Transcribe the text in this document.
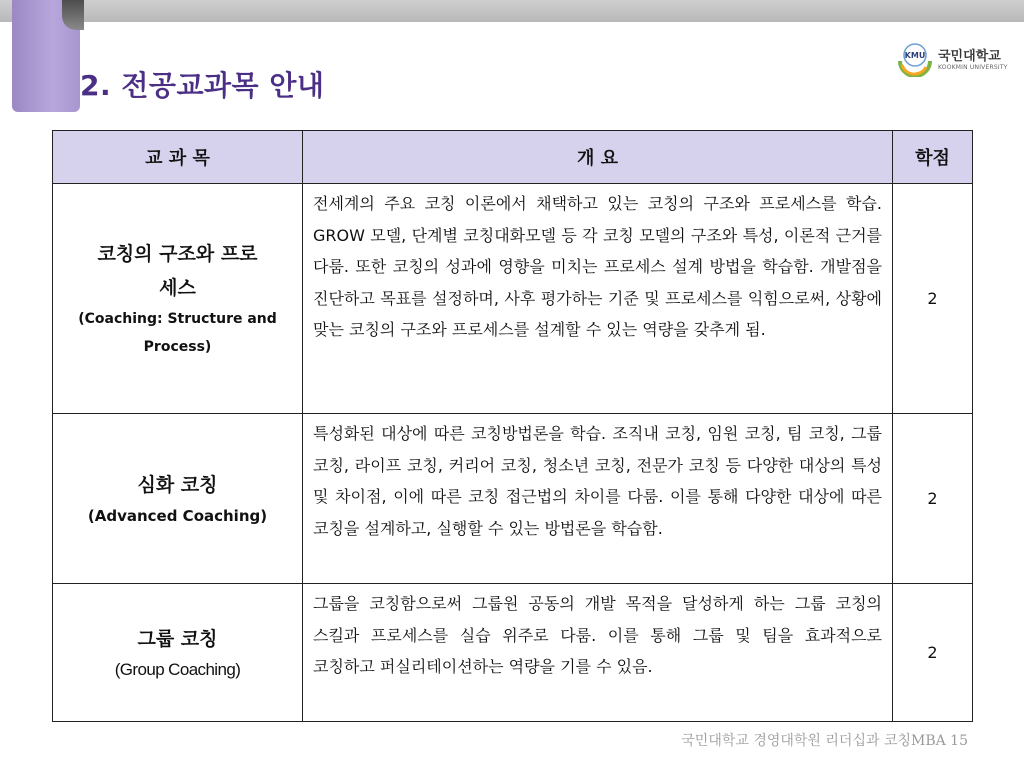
2. 전공교과목 안내
KMU 국민대학교
KOOKMIN UNIVERSITY
교 과 목	개 요	학점

코칭의 구조와 프로세스
(Coaching: Structure and Process)	전세계의 주요 코칭 이론에서 채택하고 있는 코칭의 구조와 프로세스를 학습. GROW 모델, 단계별 코칭대화모델 등 각 코칭 모델의 구조와 특성, 이론적 근거를 다룸. 또한 코칭의 성과에 영향을 미치는 프로세스 설계 방법을 학습함. 개발점을 진단하고 목표를 설정하며, 사후 평가하는 기준 및 프로세스를 익힘으로써, 상황에 맞는 코칭의 구조와 프로세스를 설계할 수 있는 역량을 갖추게 됨.	2

심화 코칭
(Advanced Coaching)	특성화된 대상에 따른 코칭방법론을 학습. 조직내 코칭, 임원 코칭, 팀 코칭, 그룹 코칭, 라이프 코칭, 커리어 코칭, 청소년 코칭, 전문가 코칭 등 다양한 대상의 특성 및 차이점, 이에 따른 코칭 접근법의 차이를 다룸. 이를 통해 다양한 대상에 따른 코칭을 설계하고, 실행할 수 있는 방법론을 학습함.	2

그룹 코칭
(Group Coaching)	그룹을 코칭함으로써 그룹원 공동의 개발 목적을 달성하게 하는 그룹 코칭의 스킬과 프로세스를 실습 위주로 다룸. 이를 통해 그룹 및 팀을 효과적으로 코칭하고 퍼실리테이션하는 역량을 기를 수 있음.	2
국민대학교 경영대학원 리더십과 코칭MBA 15
